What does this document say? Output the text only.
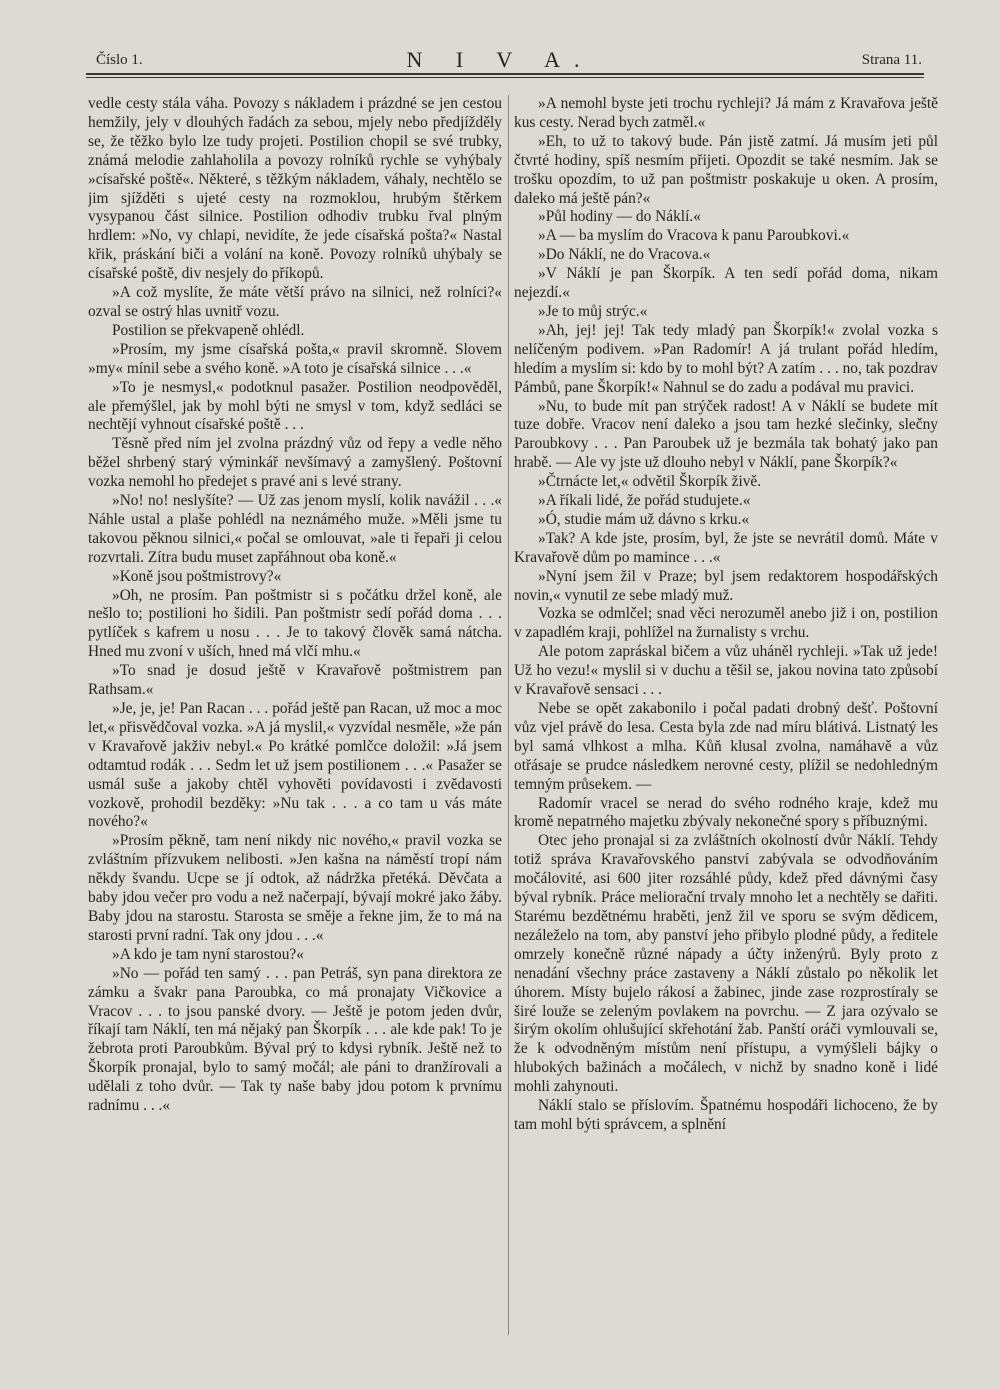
Číslo 1.	N I V A.	Strana 11.

vedle cesty stála váha. Povozy s nákladem i prázdné se jen cestou hemžily, jely v dlouhých řadách za sebou, mjely nebo předjížděly se, že těžko bylo lze tudy projeti. Postilion chopil se své trubky, známá melodie zahlaholila a povozy rolníků rychle se vyhýbaly »císařské poště«. Některé, s těžkým nákladem, váhaly, nechtělo se jim sjížděti s ujeté cesty na rozmoklou, hrubým štěrkem vysypanou část silnice. Postilion odhodiv trubku řval plným hrdlem: »No, vy chlapi, nevidíte, že jede císařská pošta?« Nastal křik, práskání biči a volání na koně. Povozy rolníků uhýbaly se císařské poště, div nesjely do příkopů.

»A což myslíte, že máte větší právo na silnici, než rolníci?« ozval se ostrý hlas uvnitř vozu.

Postilion se překvapeně ohlédl.

»Prosím, my jsme císařská pošta,« pravil skromně. Slovem »my« mínil sebe a svého koně. »A toto je císařská silnice . . .«

»To je nesmysl,« podotknul pasažer. Postilion neodpověděl, ale přemýšlel, jak by mohl býti ne smysl v tom, když sedláci se nechtějí vyhnout císařské poště . . .

Těsně před ním jel zvolna prázdný vůz od řepy a vedle něho běžel shrbený starý výminkář nevšímavý a zamyšlený. Poštovní vozka nemohl ho předejet s pravé ani s levé strany.

»No! no! neslyšíte? — Už zas jenom myslí, kolik navážil . . .« Náhle ustal a plaše pohlédl na neznámého muže. »Měli jsme tu takovou pěknou silnici,« počal se omlouvat, »ale ti řepaři ji celou rozvrtali. Zítra budu muset zapřáhnout oba koně.«

»Koně jsou poštmistrovy?«

»Oh, ne prosím. Pan poštmistr si s počátku držel koně, ale nešlo to; postilioni ho šidili. Pan poštmistr sedí pořád doma . . . pytlíček s kafrem u nosu . . . Je to takový člověk samá nátcha. Hned mu zvoní v uších, hned má vlčí mhu.«

»To snad je dosud ještě v Kravařově poštmistrem pan Rathsam.«

»Je, je, je! Pan Racan . . . pořád ještě pan Racan, už moc a moc let,« přisvědčoval vozka. »A já myslil,« vyzvídal nesměle, »že pán v Kravařově jakživ nebyl.« Po krátké pomlčce doložil: »Já jsem odtamtud rodák . . . Sedm let už jsem postilionem . . .« Pasažer se usmál suše a jakoby chtěl vyhověti povídavosti i zvědavosti vozkově, prohodil bezděky: »Nu tak . . . a co tam u vás máte nového?«

»Prosím pěkně, tam není nikdy nic nového,« pravil vozka se zvláštním přízvukem nelibosti. »Jen kašna na náměstí tropí nám někdy švandu. Ucpe se jí odtok, až nádržka přetéká. Děvčata a baby jdou večer pro vodu a než načerpají, bývají mokré jako žáby. Baby jdou na starostu. Starosta se směje a řekne jim, že to má na starosti první radní. Tak ony jdou . . .«

»A kdo je tam nyní starostou?«

»No — pořád ten samý . . . pan Petráš, syn pana direktora ze zámku a švakr pana Paroubka, co má pronajaty Vičkovice a Vracov . . . to jsou panské dvory. — Ještě je potom jeden dvůr, říkají tam Náklí, ten má nějaký pan Škorpík . . . ale kde pak! To je žebrota proti Paroubkům. Býval prý to kdysi rybník. Ještě než to Škorpík pronajal, bylo to samý močál; ale páni to dranžírovali a udělali z toho dvůr. — Tak ty naše baby jdou potom k prvnímu radnímu . . .«

»A nemohl byste jeti trochu rychleji? Já mám z Kravařova ještě kus cesty. Nerad bych zatměl.«

»Eh, to už to takový bude. Pán jistě zatmí. Já musím jeti půl čtvrté hodiny, spíš nesmím přijeti. Opozdit se také nesmím. Jak se trošku opozdím, to už pan poštmistr poskakuje u oken. A prosím, daleko má ještě pán?«

»Půl hodiny — do Náklí.«

»A — ba myslím do Vracova k panu Paroubkovi.«

»Do Náklí, ne do Vracova.«

»V Náklí je pan Škorpík. A ten sedí pořád doma, nikam nejezdí.«

»Je to můj strýc.«

»Ah, jej! jej! Tak tedy mladý pan Škorpík!« zvolal vozka s nelíčeným podivem. »Pan Radomír! A já trulant pořád hledím, hledím a myslím si: kdo by to mohl být? A zatím . . . no, tak pozdrav Pámbů, pane Škorpík!« Nahnul se do zadu a podával mu pravici.

»Nu, to bude mít pan strýček radost! A v Náklí se budete mít tuze dobře. Vracov není daleko a jsou tam hezké slečinky, slečny Paroubkovy . . . Pan Paroubek už je bezmála tak bohatý jako pan hrabě. — Ale vy jste už dlouho nebyl v Náklí, pane Škorpík?«

»Čtrnácte let,« odvětil Škorpík živě.

»A říkali lidé, že pořád studujete.«

»Ó, studie mám už dávno s krku.«

»Tak? A kde jste, prosím, byl, že jste se nevrátil domů. Máte v Kravařově dům po mamince . . .«

»Nyní jsem žil v Praze; byl jsem redaktorem hospodářských novin,« vynutil ze sebe mladý muž.

Vozka se odmlčel; snad věci nerozuměl anebo již i on, postilion v zapadlém kraji, pohlížel na žurnalisty s vrchu.

Ale potom zapráskal bičem a vůz uháněl rychleji. »Tak už jede! Už ho vezu!« myslil si v duchu a těšil se, jakou novina tato způsobí v Kravařově sensaci . . .

Nebe se opět zakabonilo i počal padati drobný dešť. Poštovní vůz vjel právě do lesa. Cesta byla zde nad míru blátivá. Listnatý les byl samá vlhkost a mlha. Kůň klusal zvolna, namáhavě a vůz otřásaje se prudce následkem nerovné cesty, plížil se nedohledným temným průsekem. —

Radomír vracel se nerad do svého rodného kraje, kdež mu kromě nepatrného majetku zbývaly nekonečné spory s příbuznými.

Otec jeho pronajal si za zvláštních okolností dvůr Náklí. Tehdy totiž správa Kravařovského panství zabývala se odvodňováním močálovité, asi 600 jiter rozsáhlé půdy, kdež před dávnými časy býval rybník. Práce meliorační trvaly mnoho let a nechtěly se dařiti. Starému bezdětnému hraběti, jenž žil ve sporu se svým dědicem, nezáleželo na tom, aby panství jeho přibylo plodné půdy, a ředitele omrzely konečně různé nápady a účty inženýrů. Byly proto z nenadání všechny práce zastaveny a Náklí zůstalo po několik let úhorem. Místy bujelo rákosí a žabinec, jinde zase rozprostíraly se širé louže se zeleným povlakem na povrchu. — Z jara ozývalo se širým okolím ohlušující skřehotání žab. Panští oráči vymlouvali se, že k odvodněným místům není přístupu, a vymýšleli bájky o hlubokých bažinách a močálech, v nichž by snadno koně i lidé mohli zahynouti.

Náklí stalo se příslovím. Špatnému hospodáři lichoceno, že by tam mohl býti správcem, a splnění
